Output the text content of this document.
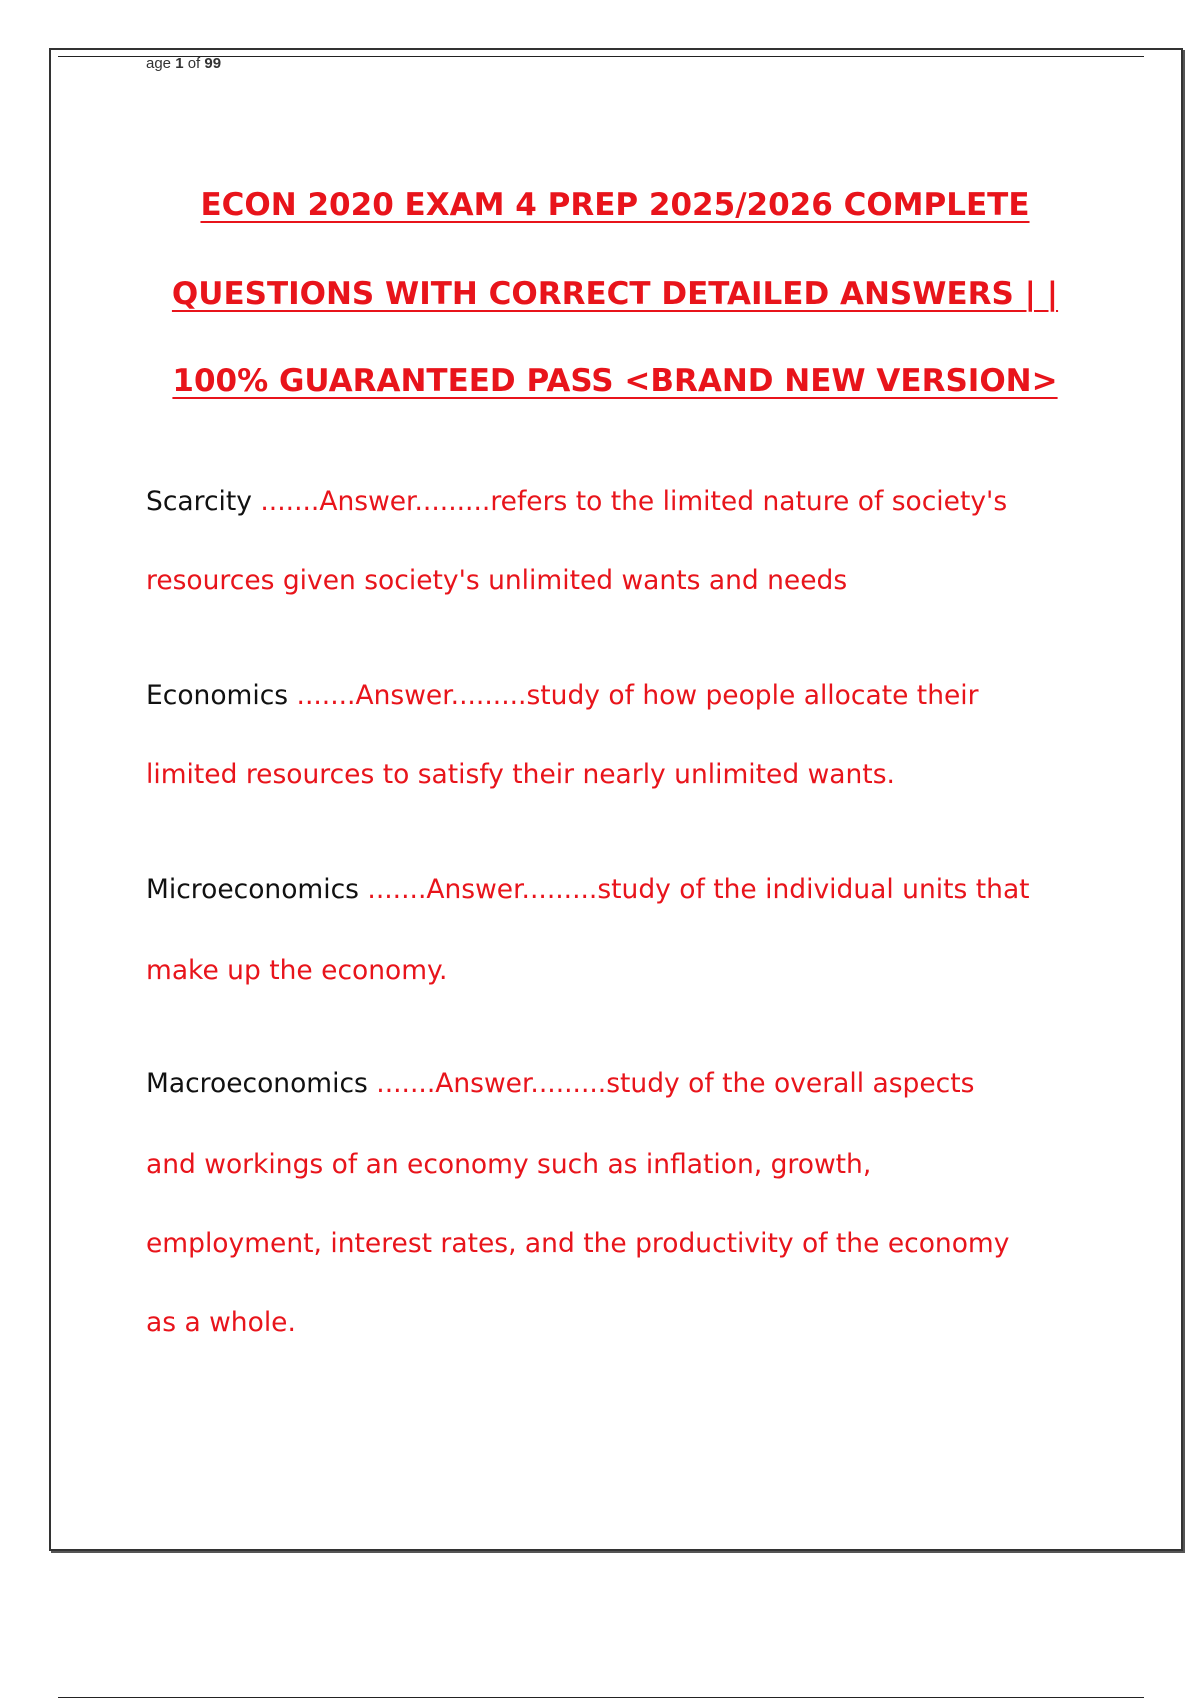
age 1 of 99
ECON 2020 EXAM 4 PREP 2025/2026 COMPLETE
QUESTIONS WITH CORRECT DETAILED ANSWERS | |
100% GUARANTEED PASS <BRAND NEW VERSION>
Scarcity .......Answer.........refers to the limited nature of society's
resources given society's unlimited wants and needs
Economics .......Answer.........study of how people allocate their
limited resources to satisfy their nearly unlimited wants.
Microeconomics .......Answer.........study of the individual units that
make up the economy.
Macroeconomics .......Answer.........study of the overall aspects
and workings of an economy such as inflation, growth,
employment, interest rates, and the productivity of the economy
as a whole.
